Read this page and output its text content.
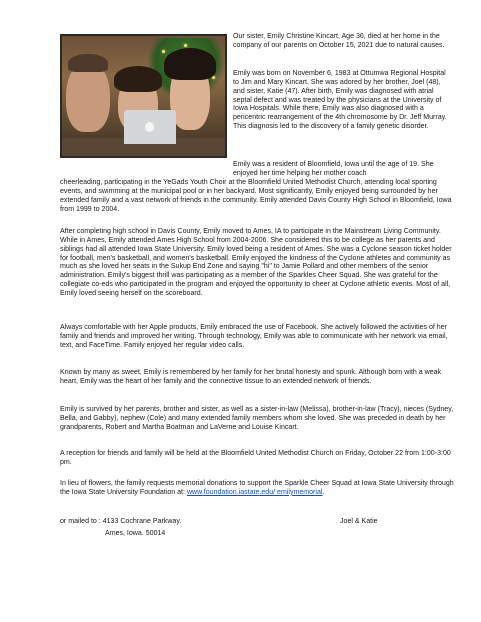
Our sister, Emily Christine Kincart, Age 36, died at her home in the company of our parents on October 15, 2021 due to natural causes.

Emily was born on November 6, 1983 at Ottumwa Regional Hospital to Jim and Mary Kincart. She was adored by her brother, Joel (48), and sister, Katie (47). After birth, Emily was diagnosed with atrial septal defect and was treated by the physicians at the University of Iowa Hospitals. While there, Emily was also diagnosed with a pericentric rearrangement of the 4th chromosome by Dr. Jeff Murray. This diagnosis led to the discovery of a family genetic disorder.

Emily was a resident of Bloomfield, Iowa until the age of 19. She enjoyed her time helping her mother coach

cheerleading, participating in the YeGads Youth Choir at the Bloomfield United Methodist Church, attending local sporting events, and swimming at the municipal pool or in her backyard. Most significantly, Emily enjoyed being surrounded by her extended family and a vast network of friends in the community. Emily attended Davis County High School in Bloomfield, Iowa from 1999 to 2004.

After completing high school in Davis County, Emily moved to Ames, IA to participate in the Mainstream Living Community. While in Ames, Emily attended Ames High School from 2004-2006. She considered this to be college as her parents and siblings had all attended Iowa State University. Emily loved being a resident of Ames. She was a Cyclone season ticket holder for football, men's basketball, and women's basketball. Emily enjoyed the kindness of the Cyclone athletes and community as much as she loved her seats in the Sukup End Zone and saying "hi" to Jamie Pollard and other members of the senior administration. Emily's biggest thrill was participating as a member of the Sparkles Cheer Squad. She was grateful for the collegiate co-eds who participated in the program and enjoyed the opportunity to cheer at Cyclone athletic events. Most of all, Emily loved seeing herself on the scoreboard.

Always comfortable with her Apple products, Emily embraced the use of Facebook. She actively followed the activities of her family and friends and improved her writing. Through technology, Emily was able to communicate with her network via email, text, and FaceTime. Family enjoyed her regular video calls.

Known by many as sweet, Emily is remembered by her family for her brutal honesty and spunk. Although born with a weak heart, Emily was the heart of her family and the connective tissue to an extended network of friends.

Emily is survived by her parents, brother and sister, as well as a sister-in-law (Melissa), brother-in-law (Tracy), nieces (Sydney, Bella, and Gabby), nephew (Cole) and many extended family members whom she loved. She was preceded in death by her grandparents, Robert and Martha Boatman and LaVerne and Louise Kincart.

A reception for friends and family will be held at the Bloomfield United Methodist Church on Friday, October 22 from 1:00-3:00 pm.

In lieu of flowers, the family requests memorial donations to support the Sparkle Cheer Squad at Iowa State University through the Iowa State University Foundation at: www.foundation.iastate.edu/ emilymemorial.

or mailed to : 4133 Cochrane Parkway.

Ames, Iowa. 50014

Joel & Katie
